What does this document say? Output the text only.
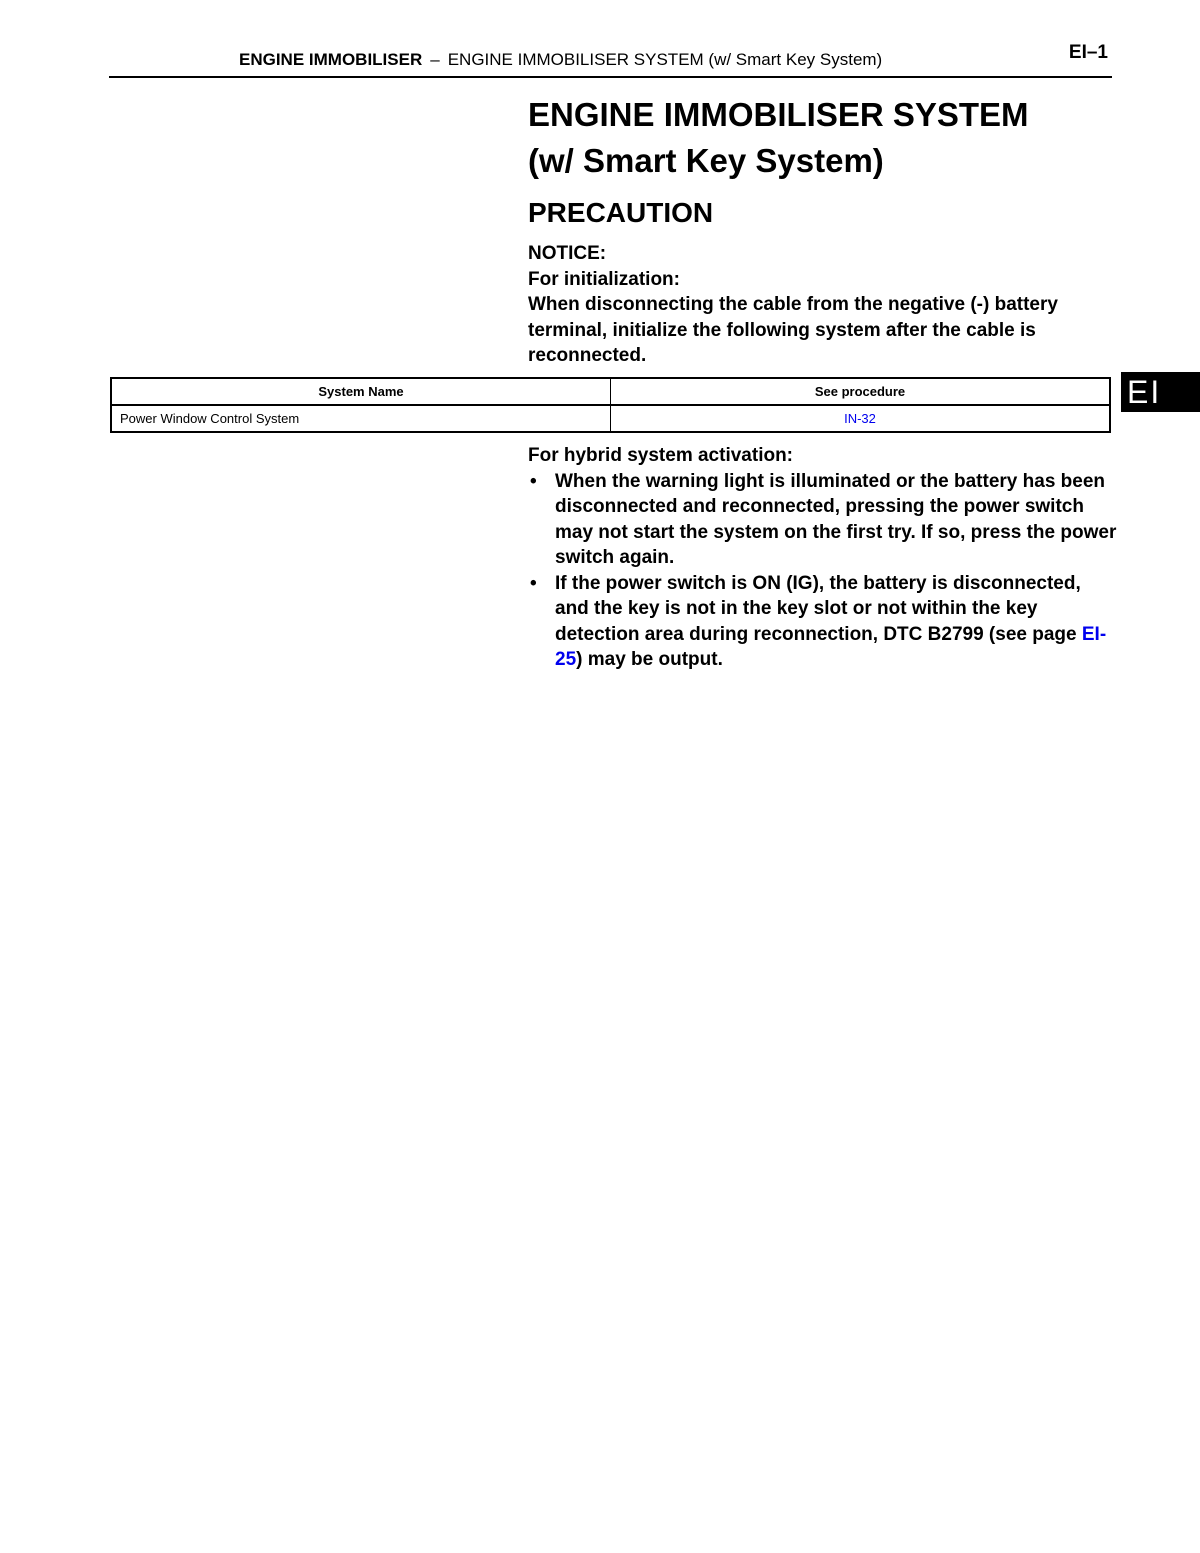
ENGINE IMMOBILISER – ENGINE IMMOBILISER SYSTEM (w/ Smart Key System)	EI–1
EI
ENGINE IMMOBILISER SYSTEM
(w/ Smart Key System)
PRECAUTION

NOTICE:

For initialization:

When disconnecting the cable from the negative (-) battery terminal, initialize the following system after the cable is reconnected.

System Name	See procedure
Power Window Control System	IN-32

For hybrid system activation:

• When the warning light is illuminated or the battery has been disconnected and reconnected, pressing the power switch may not start the system on the first try. If so, press the power switch again.
• If the power switch is ON (IG), the battery is disconnected, and the key is not in the key slot or not within the key detection area during reconnection, DTC B2799 (see page EI-25) may be output.
